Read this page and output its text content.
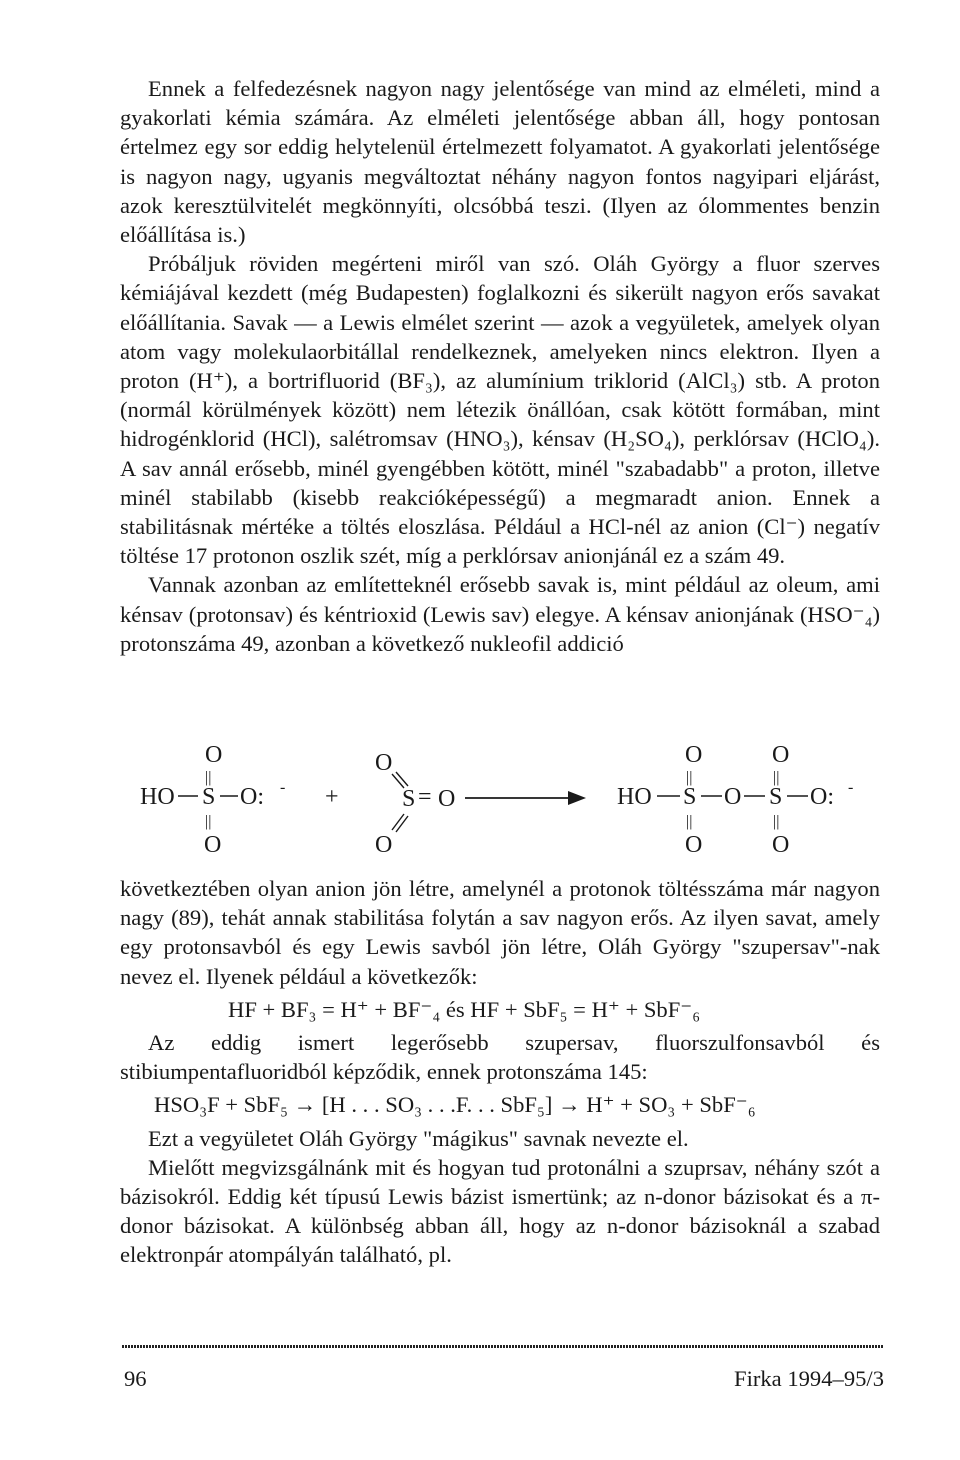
Ennek a felfedezésnek nagyon nagy jelentősége van mind az elméleti, mind a gyakorlati kémia számára. Az elméleti jelentősége abban áll, hogy pontosan értelmez egy sor eddig helytelenül értelmezett folyamatot. A gyakorlati jelentősége is nagyon nagy, ugyanis megváltoztat néhány nagyon fontos nagyipari eljárást, azok keresztülvitelét megkönnyíti, olcsóbbá teszi. (Ilyen az ólommentes benzin előállítása is.)

Próbáljuk röviden megérteni miről van szó. Oláh György a fluor szerves kémiájával kezdett (még Budapesten) foglalkozni és sikerült nagyon erős savakat előállítania. Savak — a Lewis elmélet szerint — azok a vegyületek, amelyek olyan atom vagy molekulaorbitállal rendelkeznek, amelyeken nincs elektron. Ilyen a proton (H⁺), a bortrifluorid (BF₃), az alumínium triklorid (AlCl₃) stb. A proton (normál körülmények között) nem létezik önállóan, csak kötött formában, mint hidrogénklorid (HCl), salétromsav (HNO₃), kénsav (H₂SO₄), perklórsav (HClO₄). A sav annál erősebb, minél gyengébben kötött, minél "szabadabb" a proton, illetve minél stabilabb (kisebb reakcióképességű) a megmaradt anion. Ennek a stabilitásnak mértéke a töltés eloszlása. Például a HCl-nél az anion (Cl⁻) negatív töltése 17 protonon oszlik szét, míg a perklórsav anionjánál ez a szám 49.

Vannak azonban az említetteknél erősebb savak is, mint például az oleum, ami kénsav (protonsav) és kéntrioxid (Lewis sav) elegye. A kénsav anionjának (HSO⁻₄) protonszáma 49, azonban a következő nukleofil addició

O
||
HO S O: -
||
O
+
O
S = O
O
O	O
||	||
HO S O S O: -
||	||
O	O

következtében olyan anion jön létre, amelynél a protonok töltésszáma már nagyon nagy (89), tehát annak stabilitása folytán a sav nagyon erős. Az ilyen savat, amely egy protonsavból és egy Lewis savból jön létre, Oláh György "szupersav"-nak nevez el. Ilyenek például a következők:

HF + BF₃ = H⁺ + BF⁻₄ és HF + SbF₅ = H⁺ + SbF⁻₆

Az eddig ismert legerősebb szupersav, fluorszulfonsavból és stibiumpentafluoridból képződik, ennek protonszáma 145:

HSO₃F + SbF₅ → [H . . . SO₃ . . .F. . . SbF₅] → H⁺ + SO₃ + SbF⁻₆

Ezt a vegyületet Oláh György "mágikus" savnak nevezte el.

Mielőtt megvizsgálnánk mit és hogyan tud protonálni a szuprsav, néhány szót a bázisokról. Eddig két típusú Lewis bázist ismertünk; az n-donor bázisokat és a π-donor bázisokat. A különbség abban áll, hogy az n-donor bázisoknál a szabad elektronpár atompályán található, pl.

96	Firka 1994–95/3
